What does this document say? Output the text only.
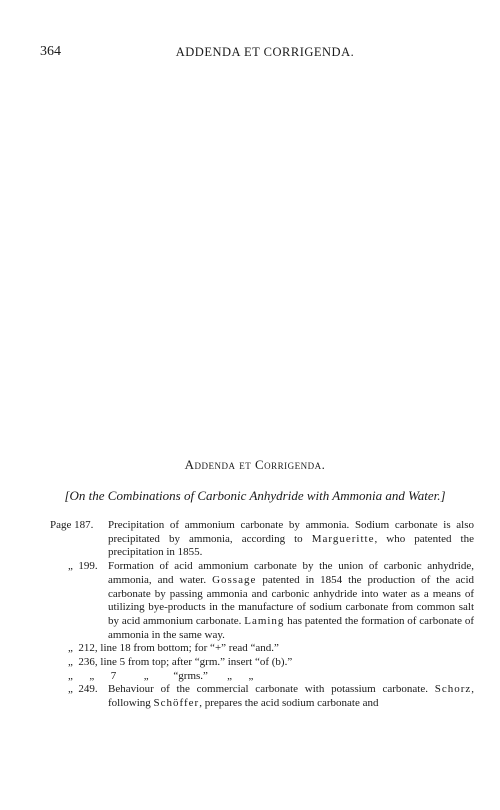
364	ADDENDA ET CORRIGENDA.
Addenda et Corrigenda.
[On the Combinations of Carbonic Anhydride with Ammonia and Water.]
Page 187. Precipitation of ammonium carbonate by ammonia. Sodium carbonate is also precipitated by ammonia, according to Margueritte, who patented the precipitation in 1855.
„  199. Formation of acid ammonium carbonate by the union of carbonic anhydride, ammonia, and water. Gossage patented in 1854 the production of the acid carbonate by passing ammonia and carbonic anhydride into water as a means of utilizing bye-products in the manufacture of sodium carbonate from common salt by acid ammonium carbonate. Laming has patented the formation of carbonate of ammonia in the same way.
„  212, line 18 from bottom; for “+” read “and.”
„  236, line 5 from top; after “grm.” insert “of (b).”
„      „      7          „         “grms.”       „      „
„  249. Behaviour of the commercial carbonate with potassium carbonate. Schorz, following Schöffer, prepares the acid sodium carbonate and
